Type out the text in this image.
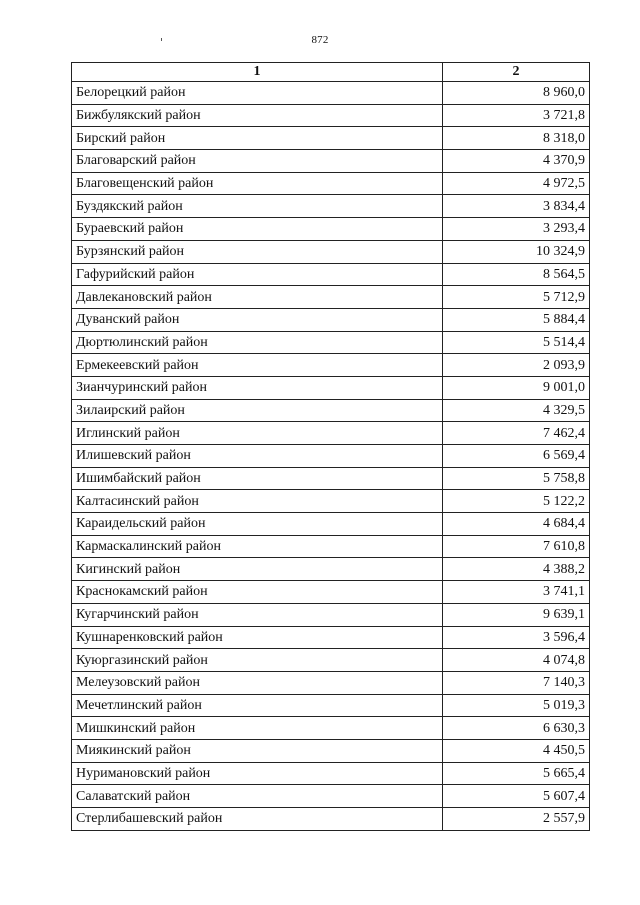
872
1	2
Белорецкий район	8 960,0
Бижбулякский район	3 721,8
Бирский район	8 318,0
Благоварский район	4 370,9
Благовещенский район	4 972,5
Буздякский район	3 834,4
Бураевский район	3 293,4
Бурзянский район	10 324,9
Гафурийский район	8 564,5
Давлекановский район	5 712,9
Дуванский район	5 884,4
Дюртюлинский район	5 514,4
Ермекеевский район	2 093,9
Зианчуринский район	9 001,0
Зилаирский район	4 329,5
Иглинский район	7 462,4
Илишевский район	6 569,4
Ишимбайский район	5 758,8
Калтасинский район	5 122,2
Караидельский район	4 684,4
Кармаскалинский район	7 610,8
Кигинский район	4 388,2
Краснокамский район	3 741,1
Кугарчинский район	9 639,1
Кушнаренковский район	3 596,4
Куюргазинский район	4 074,8
Мелеузовский район	7 140,3
Мечетлинский район	5 019,3
Мишкинский район	6 630,3
Миякинский район	4 450,5
Нуримановский район	5 665,4
Салаватский район	5 607,4
Стерлибашевский район	2 557,9
